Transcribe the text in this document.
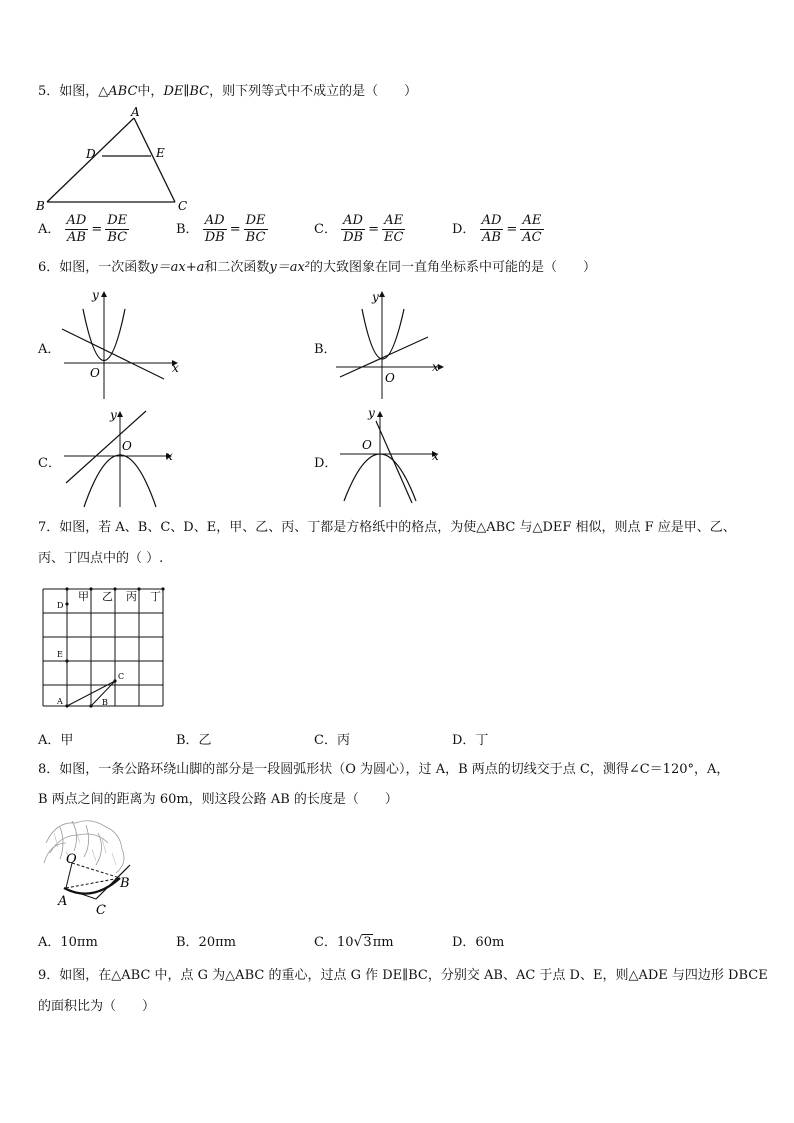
5．如图，△ABC中，DE∥BC，则下列等式中不成立的是（　　）
A
D	E
B	C
A． $\frac{AD}{AB} = \frac{DE}{BC}$	B． $\frac{AD}{DB} = \frac{DE}{BC}$	C． $\frac{AD}{DB} = \frac{AE}{EC}$	D． $\frac{AD}{AB} = \frac{AE}{AC}$
6．如图，一次函数y＝ax+a和二次函数y＝ax²的大致图象在同一直角坐标系中可能的是（　　）
A．
x
y
O
B．
x
y
O
C．	x
y
O
D．	x
y
O
7．如图，若 A、B、C、D、E，甲、乙、丙、丁都是方格纸中的格点，为使△ABC 与△DEF 相似，则点 F 应是甲、乙、
丙、丁四点中的（ ）.
甲 乙 丙 丁
D
E
A	B
C
A．甲	B．乙	C．丙	D．丁
8．如图，一条公路环绕山脚的部分是一段圆弧形状（O 为圆心），过 A，B 两点的切线交于点 C，测得∠C＝120°，A，
B 两点之间的距离为 60m，则这段公路 AB 的长度是（　　）
O
B
A
C
A．10πm	B．20πm	C．10√3πm	D．60m
9．如图，在△ABC 中，点 G 为△ABC 的重心，过点 G 作 DE∥BC，分别交 AB、AC 于点 D、E，则△ADE 与四边形 DBCE
的面积比为（　　）
